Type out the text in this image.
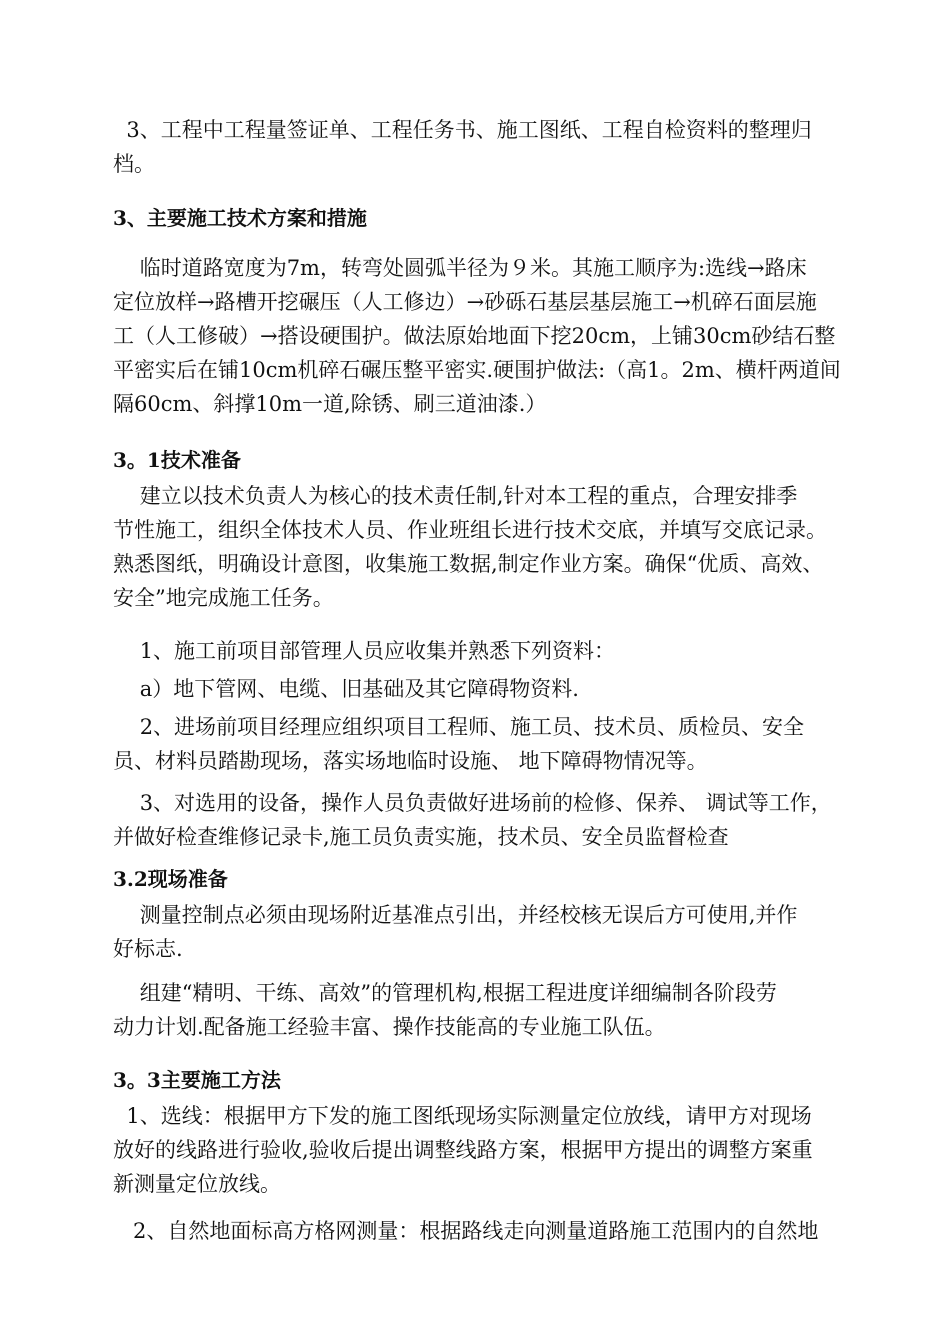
3、工程中工程量签证单、工程任务书、施工图纸、工程自检资料的整理归
档。
3、主要施工技术方案和措施
临时道路宽度为7m，转弯处圆弧半径为９米。其施工顺序为:选线→路床
定位放样→路槽开挖碾压（人工修边）→砂砾石基层基层施工→机碎石面层施
工（人工修破）→搭设硬围护。做法原始地面下挖20cm，上铺30cm砂结石整
平密实后在铺10cm机碎石碾压整平密实.硬围护做法:（高1。2m、横杆两道间
隔60cm、斜撑10m一道,除锈、刷三道油漆.）
3。1技术准备
建立以技术负责人为核心的技术责任制,针对本工程的重点，合理安排季
节性施工，组织全体技术人员、作业班组长进行技术交底，并填写交底记录。
熟悉图纸，明确设计意图，收集施工数据,制定作业方案。确保“优质、高效、
安全”地完成施工任务。
1、施工前项目部管理人员应收集并熟悉下列资料：
a）地下管网、电缆、旧基础及其它障碍物资料.
2、进场前项目经理应组织项目工程师、施工员、技术员、质检员、安全
员、材料员踏勘现场，落实场地临时设施、 地下障碍物情况等。
3、对选用的设备，操作人员负责做好进场前的检修、保养、 调试等工作，
并做好检查维修记录卡,施工员负责实施，技术员、安全员监督检查
3.2现场准备
测量控制点必须由现场附近基准点引出，并经校核无误后方可使用,并作
好标志.
组建“精明、干练、高效”的管理机构,根据工程进度详细编制各阶段劳
动力计划.配备施工经验丰富、操作技能高的专业施工队伍。
3。3主要施工方法
1、选线：根据甲方下发的施工图纸现场实际测量定位放线，请甲方对现场
放好的线路进行验收,验收后提出调整线路方案，根据甲方提出的调整方案重
新测量定位放线。
2、自然地面标高方格网测量：根据路线走向测量道路施工范围内的自然地
